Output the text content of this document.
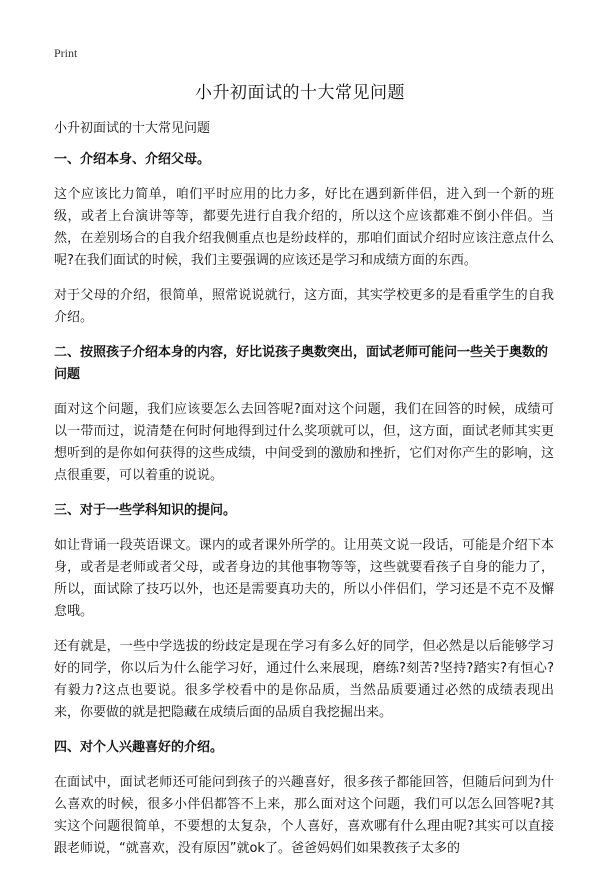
Print
小升初面试的十大常见问题

小升初面试的十大常见问题

一、介绍本身、介绍父母。

这个应该比力简单，咱们平时应用的比力多，好比在遇到新伴侣，进入到一个新的班级，或者上台演讲等等，都要先进行自我介绍的，所以这个应该都难不倒小伴侣。当然，在差别场合的自我介绍我侧重点也是纷歧样的，那咱们面试介绍时应该注意点什么呢?在我们面试的时候，我们主要强调的应该还是学习和成绩方面的东西。

对于父母的介绍，很简单，照常说说就行，这方面，其实学校更多的是看重学生的自我介绍。

二、按照孩子介绍本身的内容，好比说孩子奥数突出，面试老师可能问一些关于奥数的问题

面对这个问题，我们应该要怎么去回答呢?面对这个问题，我们在回答的时候，成绩可以一带而过，说清楚在何时何地得到过什么奖项就可以，但，这方面，面试老师其实更想听到的是你如何获得的这些成绩，中间受到的激励和挫折，它们对你产生的影响，这点很重要，可以着重的说说。

三、对于一些学科知识的提问。

如让背诵一段英语课文。课内的或者课外所学的。让用英文说一段话，可能是介绍下本身，或者是老师或者父母，或者身边的其他事物等等，这些就要看孩子自身的能力了，所以，面试除了技巧以外，也还是需要真功夫的，所以小伴侣们，学习还是不克不及懈怠哦。

还有就是，一些中学选拔的纷歧定是现在学习有多么好的同学，但必然是以后能够学习好的同学，你以后为什么能学习好，通过什么来展现，磨练?刻苦?坚持?踏实?有恒心?有毅力?这点也要说。很多学校看中的是你品质，当然品质要通过必然的成绩表现出来，你要做的就是把隐藏在成绩后面的品质自我挖掘出来。

四、对个人兴趣喜好的介绍。

在面试中，面试老师还可能问到孩子的兴趣喜好，很多孩子都能回答，但随后问到为什么喜欢的时候，很多小伴侣都答不上来，那么面对这个问题，我们可以怎么回答呢?其实这个问题很简单，不要想的太复杂，个人喜好，喜欢哪有什么理由呢?其实可以直接跟老师说，“就喜欢，没有原因”就ok了。爸爸妈妈们如果教孩子太多的
